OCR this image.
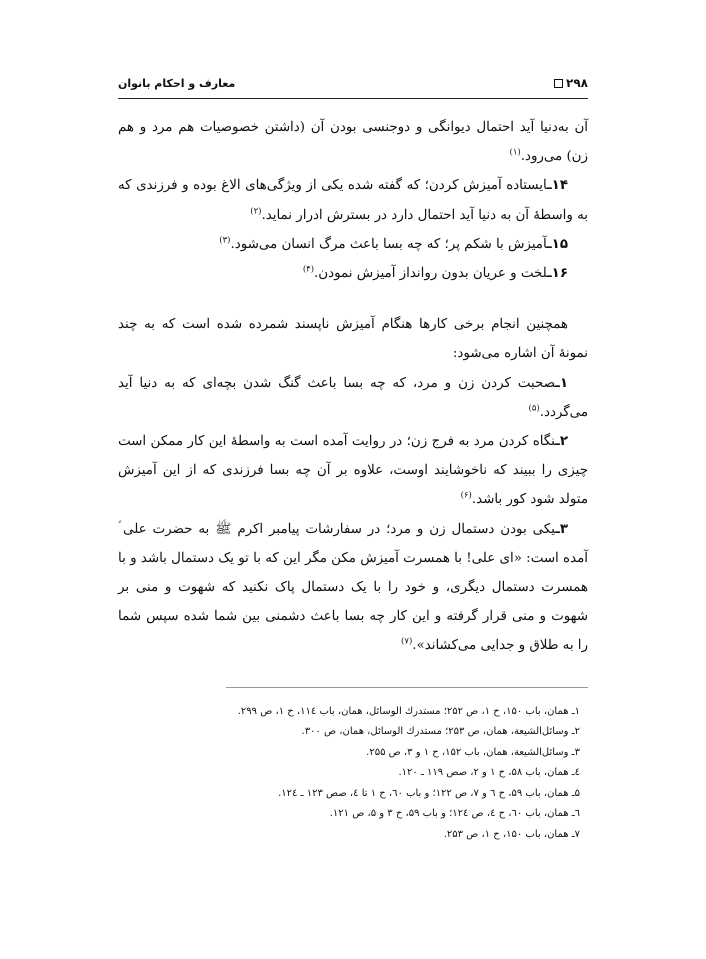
۲۹۸
معارف و احکام بانوان

آن به‌دنیا آید احتمال دیوانگی و دوجنسی بودن آن (داشتن خصوصیات هم مرد و هم زن) می‌رود.$^{(۱)}$

۱۴ـایستاده آمیزش کردن؛ که گفته شده یکی از ویژگی‌های الاغ بوده و فرزندی که به واسطهٔ آن به دنیا آید احتمال دارد در بسترش ادرار نماید.$^{(۲)}$

۱۵ـآمیزش با شکم پر؛ که چه بسا باعث مرگ انسان می‌شود.$^{(۳)}$

۱۶ـلخت و عریان بدون روانداز آمیزش نمودن.$^{(۴)}$

همچنین انجام برخی کارها هنگام آمیزش ناپسند شمرده شده است که به چند نمونهٔ آن اشاره می‌شود:

۱ـصحبت کردن زن و مرد، که چه بسا باعث گنگ شدن بچه‌ای که به دنیا آید می‌گردد.$^{(۵)}$

۲ـنگاه کردن مرد به فرج زن؛ در روایت آمده است به واسطهٔ این کار ممکن است چیزی را ببیند که ناخوشایند اوست، علاوه بر آن چه بسا فرزندی که از این آمیزش متولد شود کور باشد.$^{(۶)}$

۳ـیکی بودن دستمال زن و مرد؛ در سفارشات پیامبر اکرم ﷺ به حضرت علی ؑ آمده است: «ای علی! با همسرت آمیزش مکن مگر این که با تو یک دستمال باشد و با همسرت دستمال دیگری، و خود را با یک دستمال پاک نکنید که شهوت و منی بر شهوت و منی قرار گرفته و این کار چه بسا باعث دشمنی بین شما شده سپس شما را به طلاق و جدایی می‌کشاند».$^{(۷)}$

۱ـ همان، باب ۱۵۰، ح ۱، ص ۲۵۲؛ مستدرك الوسائل، همان، باب ۱۱٤، ح ۱، ص ۲۹۹.
۲ـ وسائل‌الشیعة، همان، ص ۲۵۳؛ مستدرك الوسائل، همان، ص ۳۰۰.
۳ـ وسائل‌الشیعة، همان، باب ۱۵۲، ح ۱ و ۳، ص ۲۵۵.
٤ـ همان، باب ۵۸، ح ۱ و ۲، صص ۱۱۹ ـ ۱۲۰.
۵ـ همان، باب ۵۹، ح ٦ و ۷، ص ۱۲۲؛ و باب ٦۰، ح ۱ تا ٤، صص ۱۲۳ ـ ۱۲٤.
٦ـ همان، باب ٦۰، ح ٤، ص ۱۲٤؛ و باب ۵۹، ح ۳ و ۵، ص ۱۲۱.
۷ـ همان، باب ۱۵۰، ح ۱، ص ۲۵۳.
